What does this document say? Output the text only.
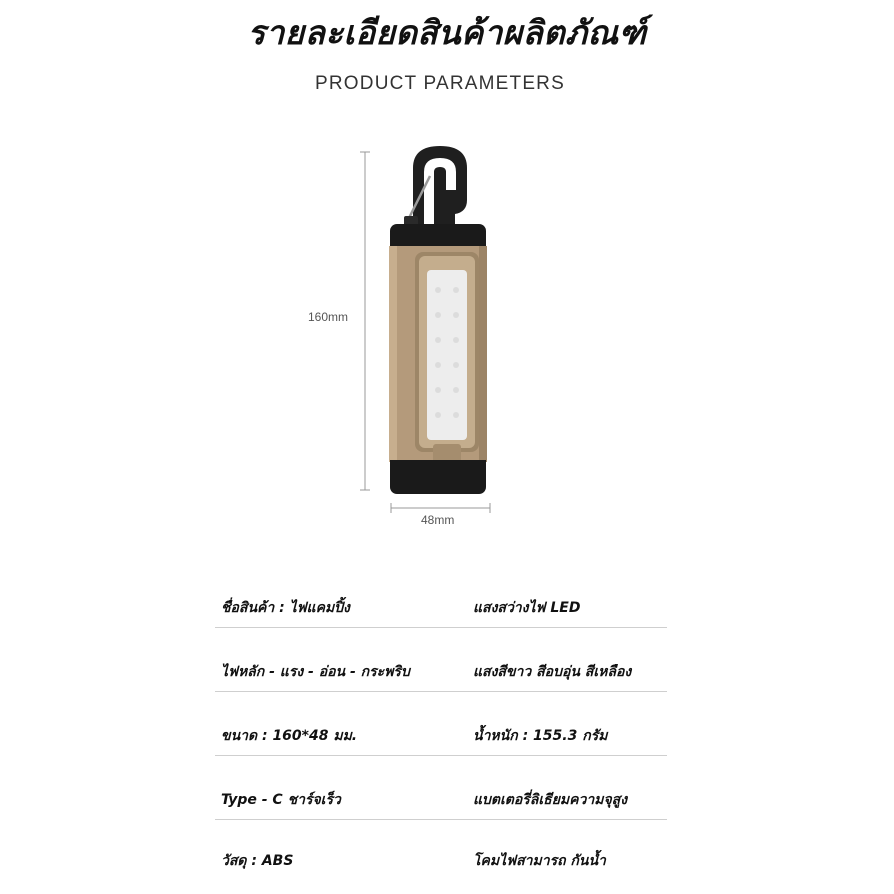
รายละเอียดสินค้าผลิตภัณฑ์
PRODUCT PARAMETERS
160mm
48mm
ชื่อสินค้า : ไฟแคมปิ้ง	แสงสว่างไฟ LED
ไฟหลัก - แรง - อ่อน - กระพริบ	แสงสีขาว สีอบอุ่น สีเหลือง
ขนาด : 160*48 มม.	น้ำหนัก : 155.3 กรัม
Type - C ชาร์จเร็ว	แบตเตอรี่ลิเธียมความจุสูง
วัสดุ : ABS	โคมไฟสามารถ กันน้ำ
